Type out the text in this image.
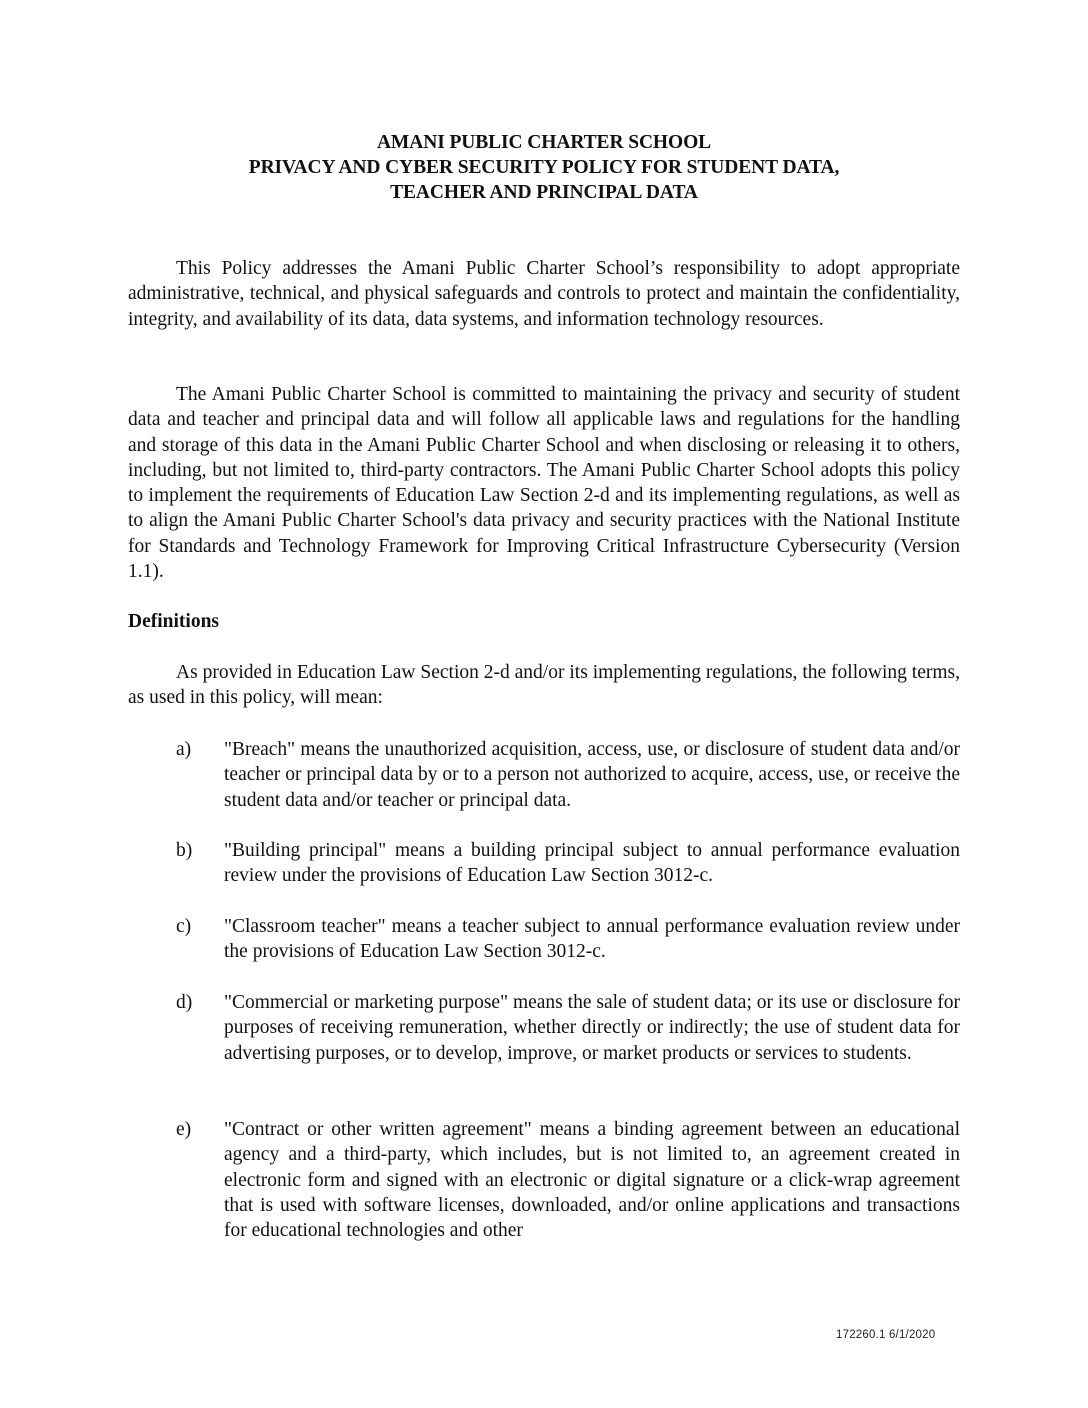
AMANI PUBLIC CHARTER SCHOOL
PRIVACY AND CYBER SECURITY POLICY FOR STUDENT DATA,
TEACHER AND PRINCIPAL DATA

This Policy addresses the Amani Public Charter School’s responsibility to adopt appropriate administrative, technical, and physical safeguards and controls to protect and maintain the confidentiality, integrity, and availability of its data, data systems, and information technology resources.

The Amani Public Charter School is committed to maintaining the privacy and security of student data and teacher and principal data and will follow all applicable laws and regulations for the handling and storage of this data in the Amani Public Charter School and when disclosing or releasing it to others, including, but not limited to, third-party contractors. The Amani Public Charter School adopts this policy to implement the requirements of Education Law Section 2-d and its implementing regulations, as well as to align the Amani Public Charter School's data privacy and security practices with the National Institute for Standards and Technology Framework for Improving Critical Infrastructure Cybersecurity (Version 1.1).

Definitions

As provided in Education Law Section 2-d and/or its implementing regulations, the following terms, as used in this policy, will mean:

a)	"Breach" means the unauthorized acquisition, access, use, or disclosure of student data and/or teacher or principal data by or to a person not authorized to acquire, access, use, or receive the student data and/or teacher or principal data.
b)	"Building principal" means a building principal subject to annual performance evaluation review under the provisions of Education Law Section 3012-c.
c)	"Classroom teacher" means a teacher subject to annual performance evaluation review under the provisions of Education Law Section 3012-c.
d)	"Commercial or marketing purpose" means the sale of student data; or its use or disclosure for purposes of receiving remuneration, whether directly or indirectly; the use of student data for advertising purposes, or to develop, improve, or market products or services to students.
e)	"Contract or other written agreement" means a binding agreement between an educational agency and a third-party, which includes, but is not limited to, an agreement created in electronic form and signed with an electronic or digital signature or a click-wrap agreement that is used with software licenses, downloaded, and/or online applications and transactions for educational technologies and other
172260.1 6/1/2020
